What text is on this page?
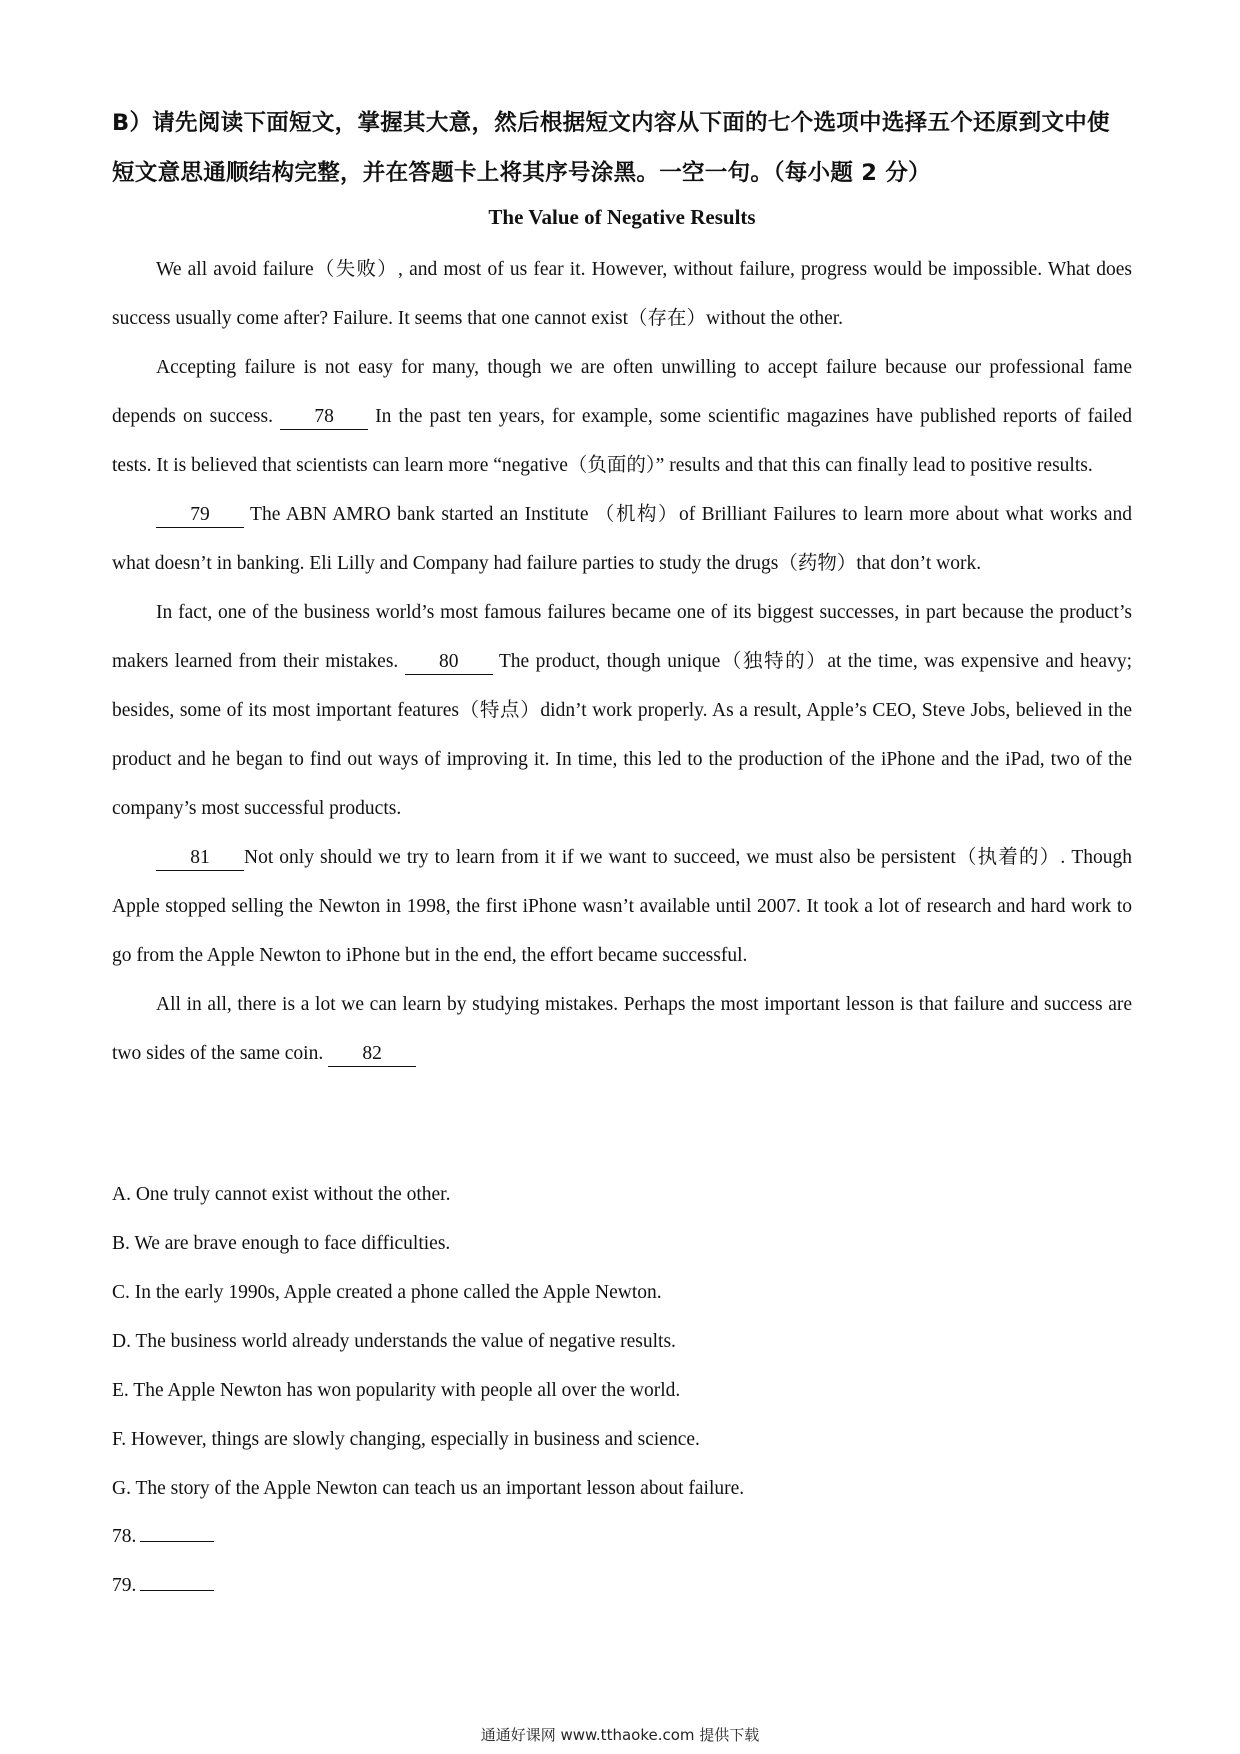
B）请先阅读下面短文，掌握其大意，然后根据短文内容从下面的七个选项中选择五个还原到文中使短文意思通顺结构完整，并在答题卡上将其序号涂黑。一空一句。（每小题 2 分）
The Value of Negative Results

We all avoid failure（失败）, and most of us fear it. However, without failure, progress would be impossible. What does success usually come after? Failure. It seems that one cannot exist（存在）without the other.

Accepting failure is not easy for many, though we are often unwilling to accept failure because our professional fame depends on success. 78 In the past ten years, for example, some scientific magazines have published reports of failed tests. It is believed that scientists can learn more “negative（负面的）” results and that this can finally lead to positive results.

79 The ABN AMRO bank started an Institute （机构）of Brilliant Failures to learn more about what works and what doesn’t in banking. Eli Lilly and Company had failure parties to study the drugs（药物）that don’t work.

In fact, one of the business world’s most famous failures became one of its biggest successes, in part because the product’s makers learned from their mistakes. 80 The product, though unique（独特的）at the time, was expensive and heavy; besides, some of its most important features（特点）didn’t work properly. As a result, Apple’s CEO, Steve Jobs, believed in the product and he began to find out ways of improving it. In time, this led to the production of the iPhone and the iPad, two of the company’s most successful products.

81 Not only should we try to learn from it if we want to succeed, we must also be persistent（执着的）. Though Apple stopped selling the Newton in 1998, the first iPhone wasn’t available until 2007. It took a lot of research and hard work to go from the Apple Newton to iPhone but in the end, the effort became successful.

All in all, there is a lot we can learn by studying mistakes. Perhaps the most important lesson is that failure and success are two sides of the same coin. 82

A. One truly cannot exist without the other.

B. We are brave enough to face difficulties.

C. In the early 1990s, Apple created a phone called the Apple Newton.

D. The business world already understands the value of negative results.

E. The Apple Newton has won popularity with people all over the world.

F. However, things are slowly changing, especially in business and science.

G. The story of the Apple Newton can teach us an important lesson about failure.

78.

79.

通通好课网 www.tthaoke.com 提供下载
